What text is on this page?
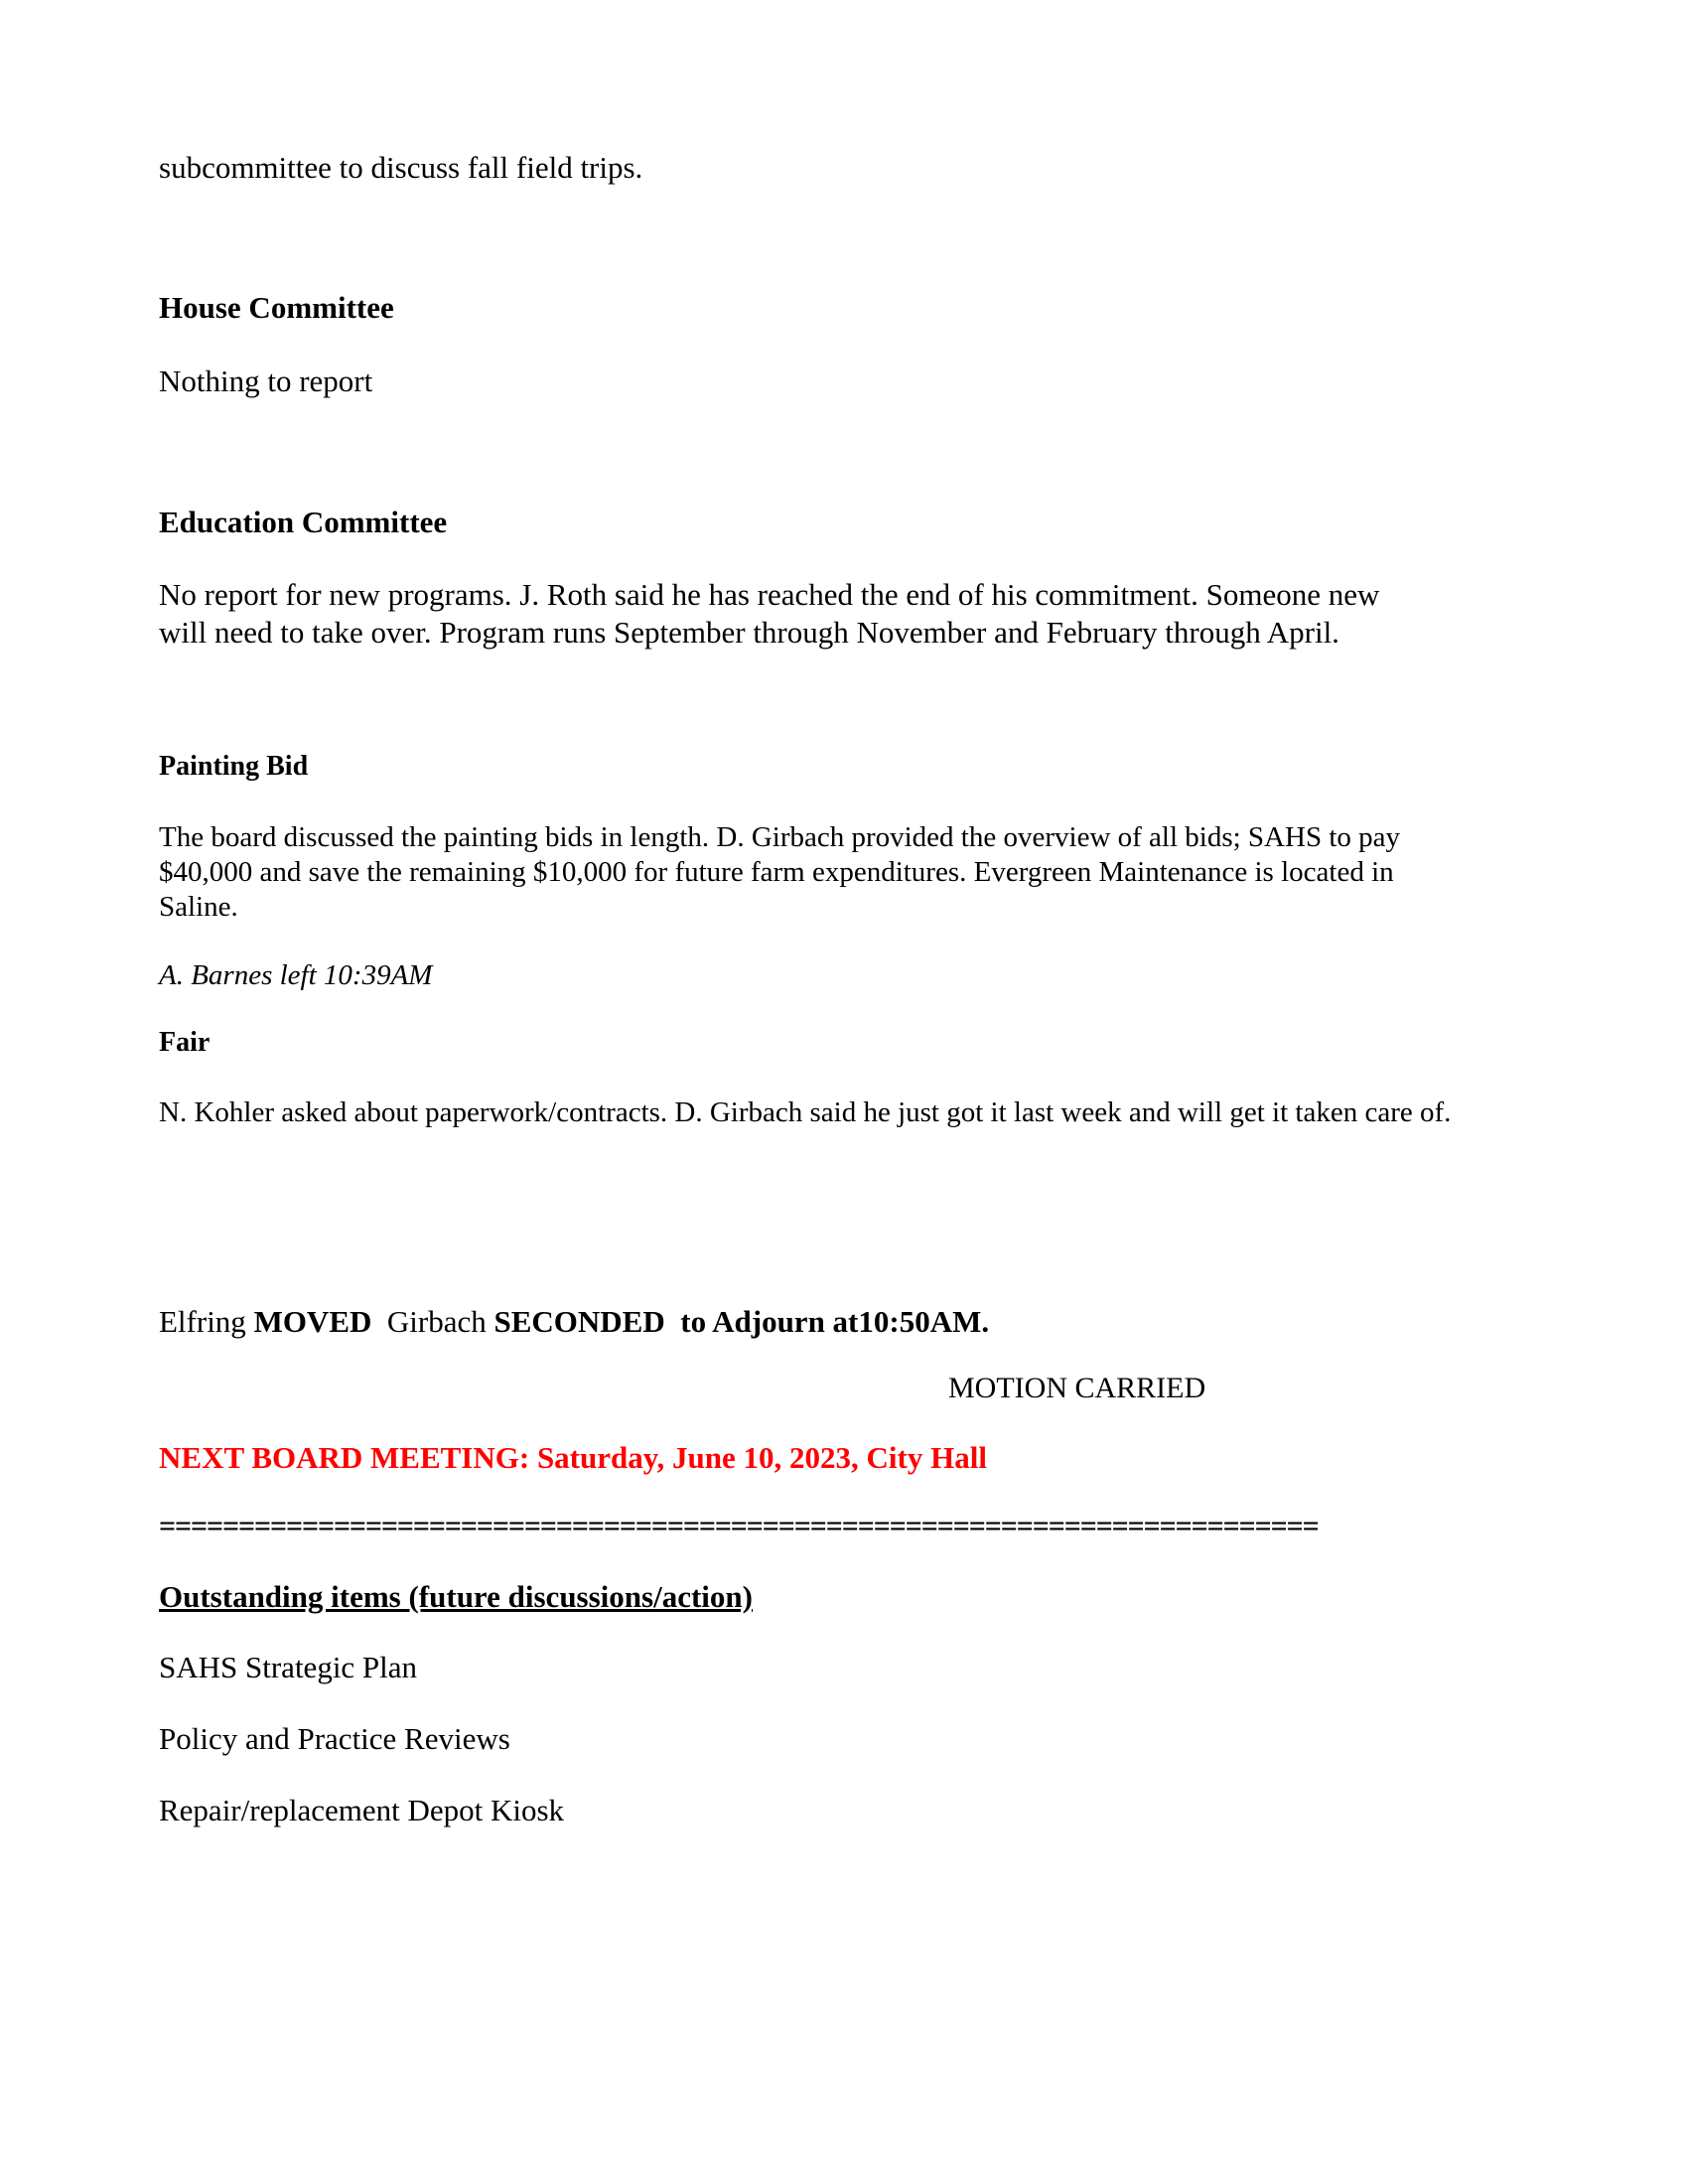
subcommittee to discuss fall field trips.

House Committee

Nothing to report

Education Committee

No report for new programs. J. Roth said he has reached the end of his commitment. Someone new

will need to take over. Program runs September through November and February through April.

Painting Bid

The board discussed the painting bids in length. D. Girbach provided the overview of all bids; SAHS to pay

$40,000 and save the remaining $10,000 for future farm expenditures. Evergreen Maintenance is located in

Saline.

A. Barnes left 10:39AM

Fair

N. Kohler asked about paperwork/contracts. D. Girbach said he just got it last week and will get it taken care of.

Elfring MOVED Girbach SECONDED to Adjourn at10:50AM.

MOTION CARRIED

NEXT BOARD MEETING: Saturday, June 10, 2023, City Hall

=========================================================================

Outstanding items (future discussions/action)

SAHS Strategic Plan

Policy and Practice Reviews

Repair/replacement Depot Kiosk
